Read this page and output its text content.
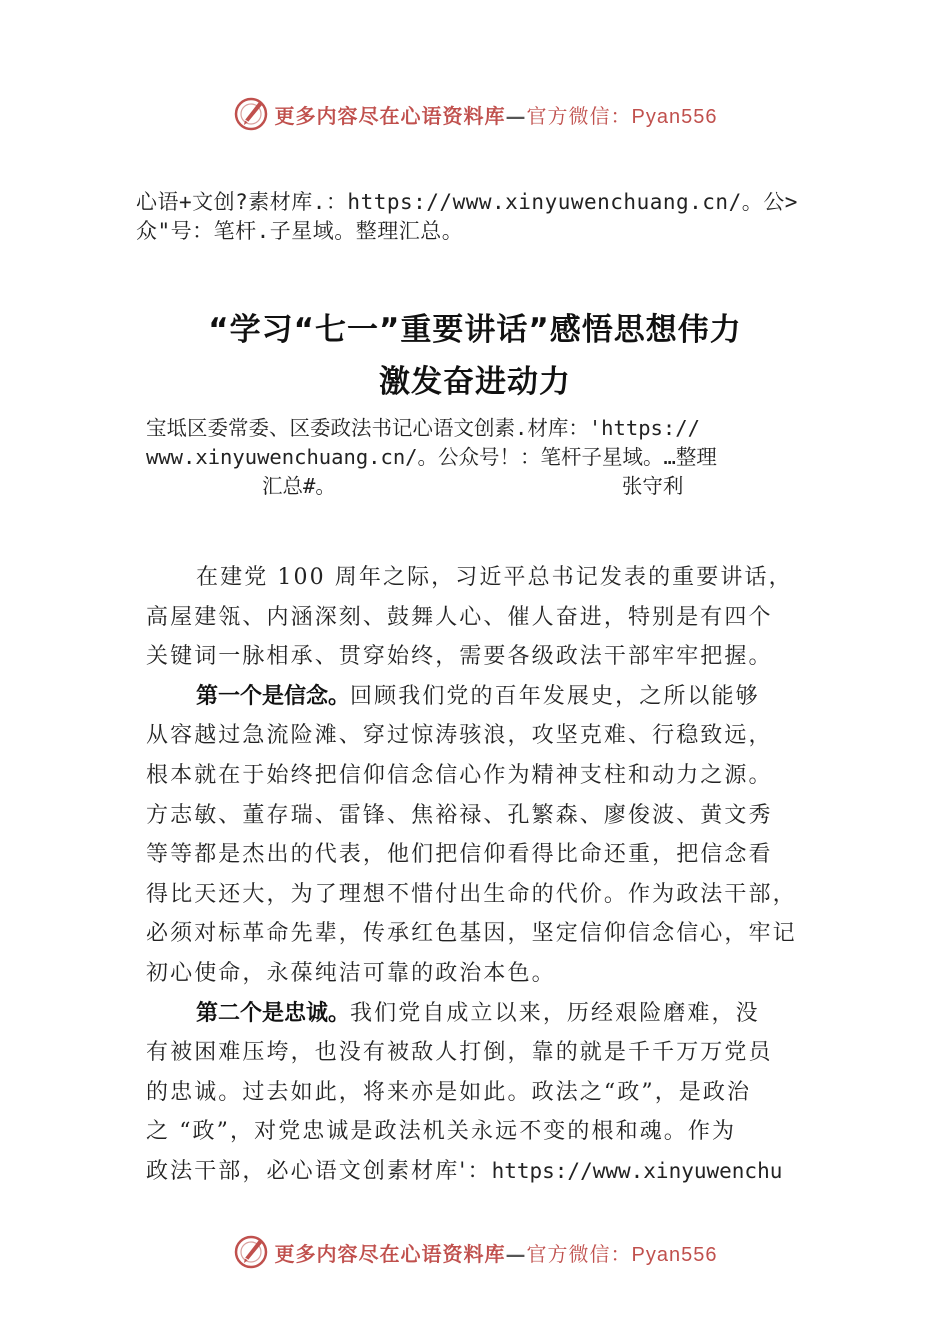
更多内容尽在心语资料库—官方微信：Pyan556

心语+文创?素材库.：https://www.xinyuwenchuang.cn/。公>

众"号：笔杆.子星域。整理汇总。

“学习“七一”重要讲话”感悟思想伟力
激发奋进动力

宝坻区委常委、区委政法书记心语文创素.材库：'https://

www.xinyuwenchuang.cn/。公众号！：笔杆子星域。…整理

汇总#。	张守利

在建党 100 周年之际，习近平总书记发表的重要讲话，
高屋建瓴、内涵深刻、鼓舞人心、催人奋进，特别是有四个
关键词一脉相承、贯穿始终，需要各级政法干部牢牢把握。
第一个是信念。回顾我们党的百年发展史，之所以能够
从容越过急流险滩、穿过惊涛骇浪，攻坚克难、行稳致远，
根本就在于始终把信仰信念信心作为精神支柱和动力之源。
方志敏、董存瑞、雷锋、焦裕禄、孔繁森、廖俊波、黄文秀
等等都是杰出的代表，他们把信仰看得比命还重，把信念看
得比天还大，为了理想不惜付出生命的代价。作为政法干部，
必须对标革命先辈，传承红色基因，坚定信仰信念信心，牢记
初心使命，永葆纯洁可靠的政治本色。
第二个是忠诚。我们党自成立以来，历经艰险磨难，没
有被困难压垮，也没有被敌人打倒，靠的就是千千万万党员
的忠诚。过去如此，将来亦是如此。政法之“政”，是政治
之 “政”，对党忠诚是政法机关永远不变的根和魂。作为
政法干部，必心语文创素材库'：https://www.xinyuwenchu
更多内容尽在心语资料库—官方微信：Pyan556
